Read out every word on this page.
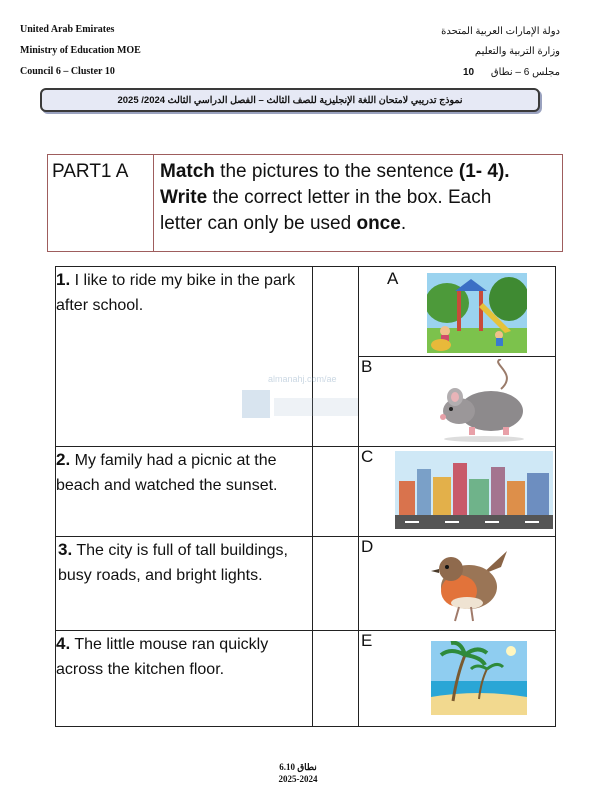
United Arab Emirates
Ministry of Education MOE
Council 6 – Cluster 10
دولة الإمارات العربية المتحدة
وزارة التربية والتعليم
مجلس 6 – نطاق
10
نموذج تدريبي لامتحان اللغة الإنجليزية للصف الثالث – الفصل الدراسي الثالث 2024/ 2025
PART1 A	Match the pictures to the sentence (1- 4).
Write the correct letter in the box. Each
letter can only be used once.
1. I like to ride my bike in the park after school.		A

		B

2. My family had a picnic at the beach and watched the sunset.		C

3. The city is full of tall buildings, busy roads, and bright lights.		D

4. The little mouse ran quickly across the kitchen floor.		E
almanahj.com/ae
نطاق 6.10
2025-2024
